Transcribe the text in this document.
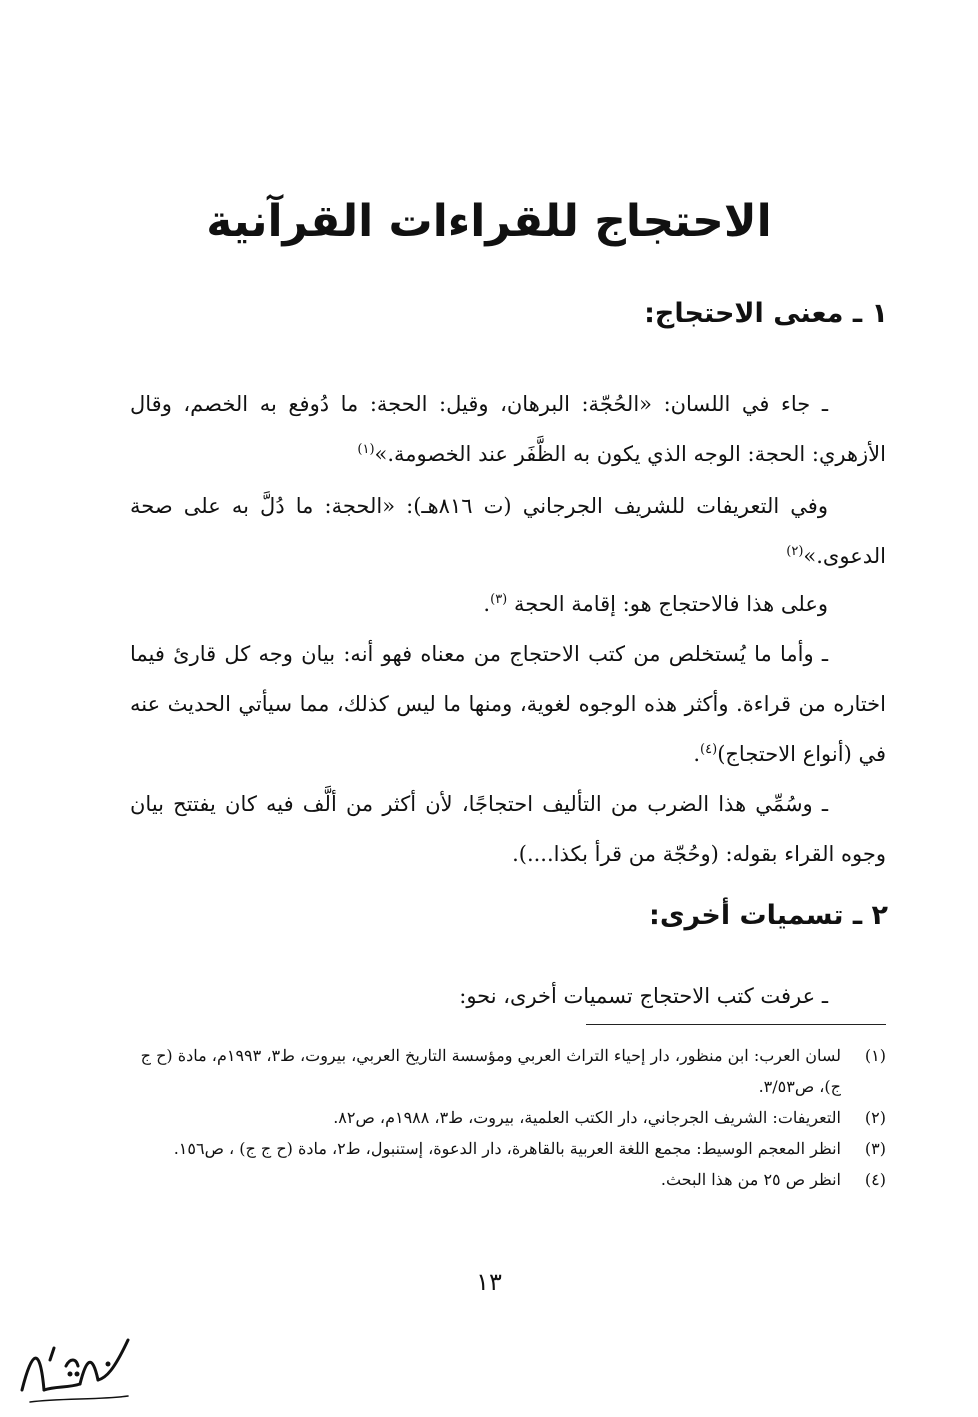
الاحتجاج للقراءات القرآنية
١ ـ معنى الاحتجاج:

ـ جاء في اللسان: «الحُجّة: البرهان، وقيل: الحجة: ما دُوفع به الخصم، وقال الأزهري: الحجة: الوجه الذي يكون به الظَّفَر عند الخصومة.»$^{(١)}$

وفي التعريفات للشريف الجرجاني (ت ٨١٦هـ): «الحجة: ما دُلَّ به على صحة الدعوى.»$^{(٢)}$

وعلى هذا فالاحتجاج هو: إقامة الحجة $^{(٣)}$.

ـ وأما ما يُستخلص من كتب الاحتجاج من معناه فهو أنه: بيان وجه كل قارئ فيما اختاره من قراءة. وأكثر هذه الوجوه لغوية، ومنها ما ليس كذلك، مما سيأتي الحديث عنه في (أنواع الاحتجاج)$^{(٤)}$.

ـ وسُمِّي هذا الضرب من التأليف احتجاجًا، لأن أكثر من ألَّف فيه كان يفتتح بيان وجوه القراء بقوله: (وحُجّة من قرأ بكذا....).

٢ ـ تسميات أخرى:

ـ عرفت كتب الاحتجاج تسميات أخرى، نحو:

(١)
لسان العرب: ابن منظور، دار إحياء التراث العربي ومؤسسة التاريخ العربي، بيروت، ط٣، ١٩٩٣م، مادة (ح ج ج)، ص٣/٥٣.

(٢)
التعريفات: الشريف الجرجاني، دار الكتب العلمية، بيروت، ط٣، ١٩٨٨م، ص٨٢.

(٣)
انظر المعجم الوسيط: مجمع اللغة العربية بالقاهرة، دار الدعوة، إستنبول، ط٢، مادة (ح ج ج) ، ص١٥٦.

(٤)
انظر ص ٢٥ من هذا البحث.

١٣
